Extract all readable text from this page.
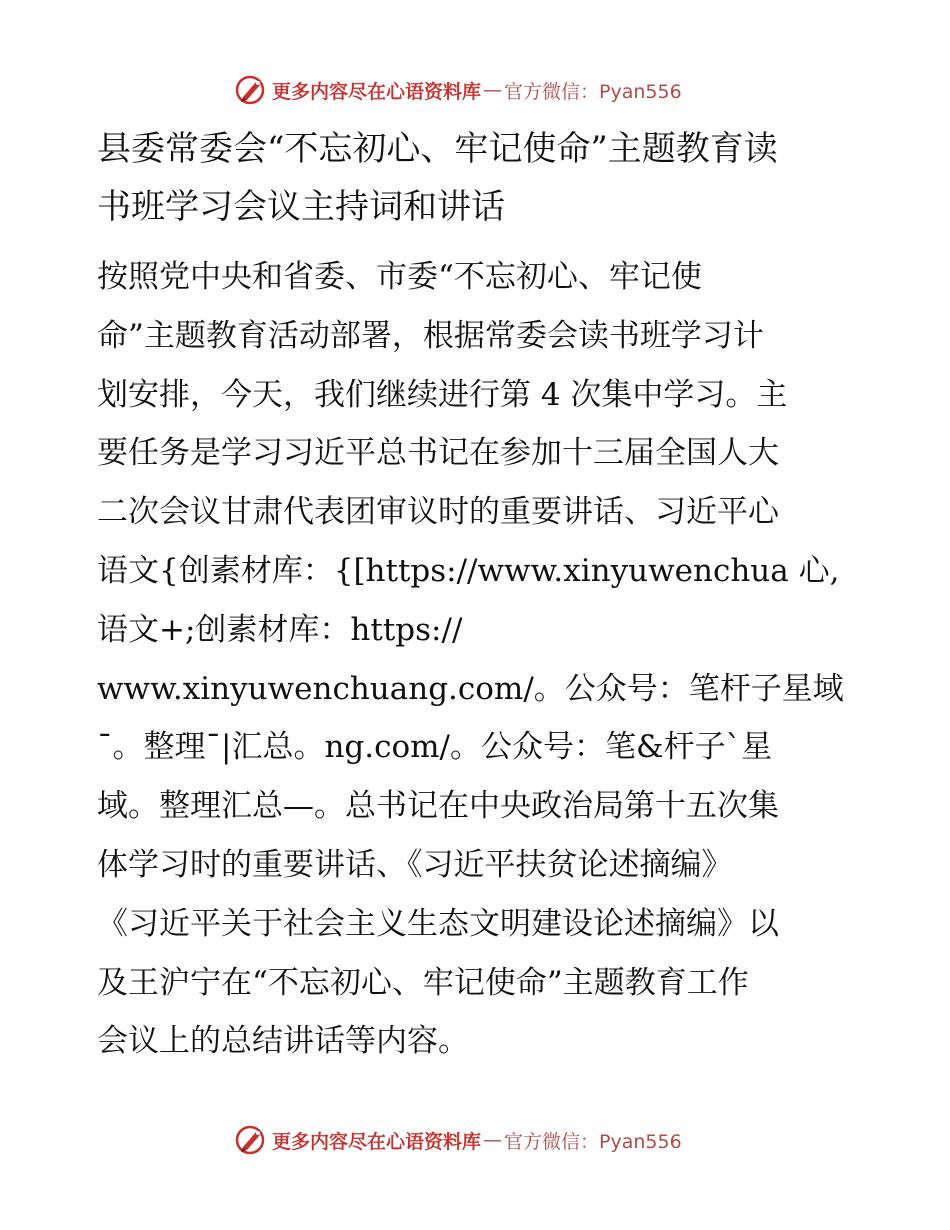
更多内容尽在心语资料库 — 官方微信：Pyan556
县委常委会“不忘初心、牢记使命”主题教育读
书班学习会议主持词和讲话
按照党中央和省委、市委“不忘初心、牢记使
命”主题教育活动部署，根据常委会读书班学习计
划安排，今天，我们继续进行第 4 次集中学习。主
要任务是学习习近平总书记在参加十三届全国人大
二次会议甘肃代表团审议时的重要讲话、习近平心
语文{创素材库：{[https://www.xinyuwenchua 心,
语文+;创素材库：https://
www.xinyuwenchuang.com/。公众号：笔杆子星域
¯。整理¯|汇总。ng.com/。公众号：笔&杆子`星
域。整理汇总—。总书记在中央政治局第十五次集
体学习时的重要讲话、《习近平扶贫论述摘编》
《习近平关于社会主义生态文明建设论述摘编》以
及王沪宁在“不忘初心、牢记使命”主题教育工作
会议上的总结讲话等内容。
更多内容尽在心语资料库 — 官方微信：Pyan556
